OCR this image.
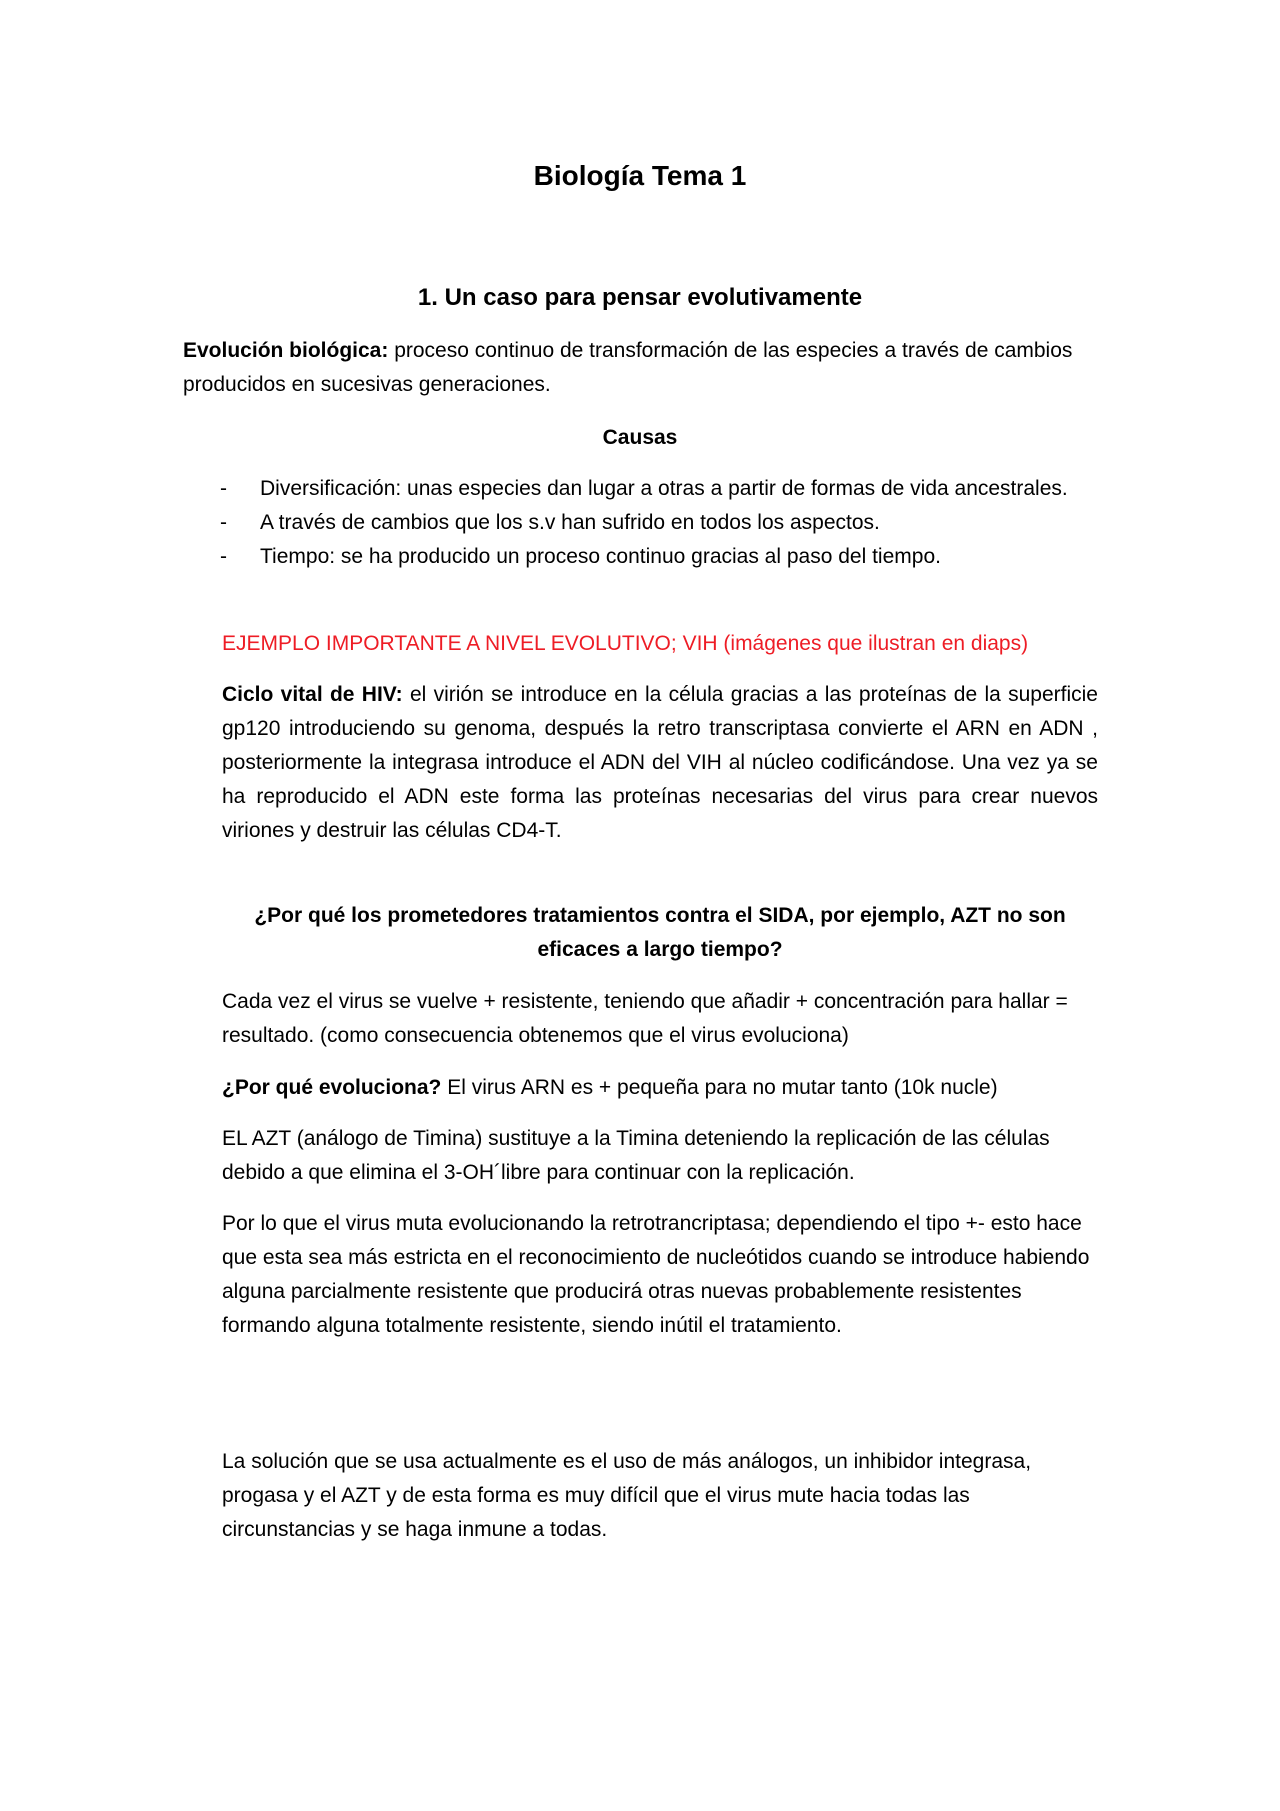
Biología Tema 1
1. Un caso para pensar evolutivamente

Evolución biológica: proceso continuo de transformación de las especies a través de cambios producidos en sucesivas generaciones.

Causas

- Diversificación: unas especies dan lugar a otras a partir de formas de vida ancestrales.
- A través de cambios que los s.v han sufrido en todos los aspectos.
- Tiempo: se ha producido un proceso continuo gracias al paso del tiempo.

EJEMPLO IMPORTANTE A NIVEL EVOLUTIVO; VIH (imágenes que ilustran en diaps)

Ciclo vital de HIV: el virión se introduce en la célula gracias a las proteínas de la superficie gp120 introduciendo su genoma, después la retro transcriptasa convierte el ARN en ADN , posteriormente la integrasa introduce el ADN del VIH al núcleo codificándose. Una vez ya se ha reproducido el ADN este forma las proteínas necesarias del virus para crear nuevos viriones y destruir las células CD4-T.

¿Por qué los prometedores tratamientos contra el SIDA, por ejemplo, AZT no son eficaces a largo tiempo?

Cada vez el virus se vuelve + resistente, teniendo que añadir + concentración para hallar = resultado. (como consecuencia obtenemos que el virus evoluciona)

¿Por qué evoluciona? El virus ARN es + pequeña para no mutar tanto (10k nucle)

EL AZT (análogo de Timina) sustituye a la Timina deteniendo la replicación de las células debido a que elimina el 3-OH´libre para continuar con la replicación.

Por lo que el virus muta evolucionando la retrotrancriptasa; dependiendo el tipo +- esto hace que esta sea más estricta en el reconocimiento de nucleótidos cuando se introduce habiendo alguna parcialmente resistente que producirá otras nuevas probablemente resistentes formando alguna totalmente resistente, siendo inútil el tratamiento.

La solución que se usa actualmente es el uso de más análogos, un inhibidor integrasa, progasa y el AZT y de esta forma es muy difícil que el virus mute hacia todas las circunstancias y se haga inmune a todas.
